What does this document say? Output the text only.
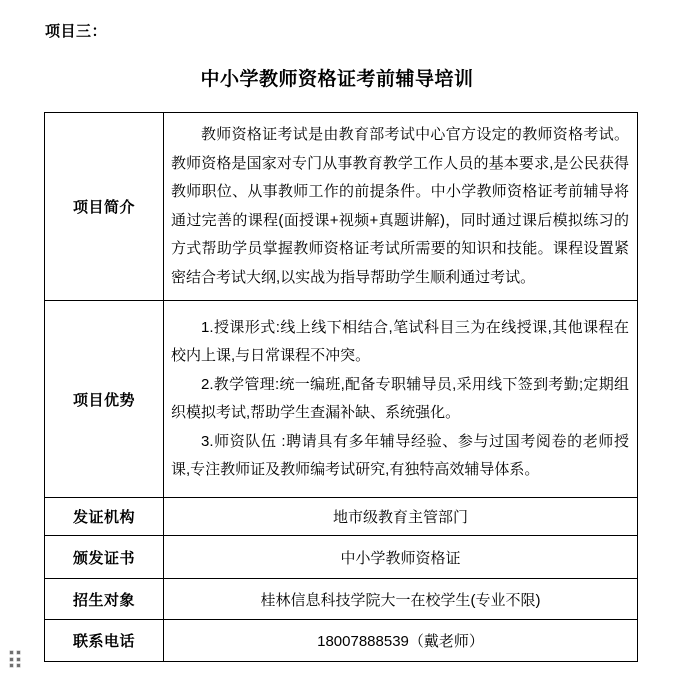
项目三：
中小学教师资格证考前辅导培训
项目简介	教师资格证考试是由教育部考试中心官方设定的教师资格考试。教师资格是国家对专门从事教育教学工作人员的基本要求,是公民获得教师职位、从事教师工作的前提条件。中小学教师资格证考前辅导将通过完善的课程(面授课+视频+真题讲解)，同时通过课后模拟练习的方式帮助学员掌握教师资格证考试所需要的知识和技能。课程设置紧密结合考试大纲,以实战为指导帮助学生顺利通过考试。

项目优势	1.授课形式:线上线下相结合,笔试科目三为在线授课,其他课程在校内上课,与日常课程不冲突。

2.教学管理:统一编班,配备专职辅导员,采用线下签到考勤;定期组织模拟考试,帮助学生查漏补缺、系统强化。

3.师资队伍 :聘请具有多年辅导经验、参与过国考阅卷的老师授课,专注教师证及教师编考试研究,有独特高效辅导体系。

发证机构	地市级教育主管部门
颁发证书	中小学教师资格证
招生对象	桂林信息科技学院大一在校学生(专业不限)
联系电话	18007888539（戴老师）
